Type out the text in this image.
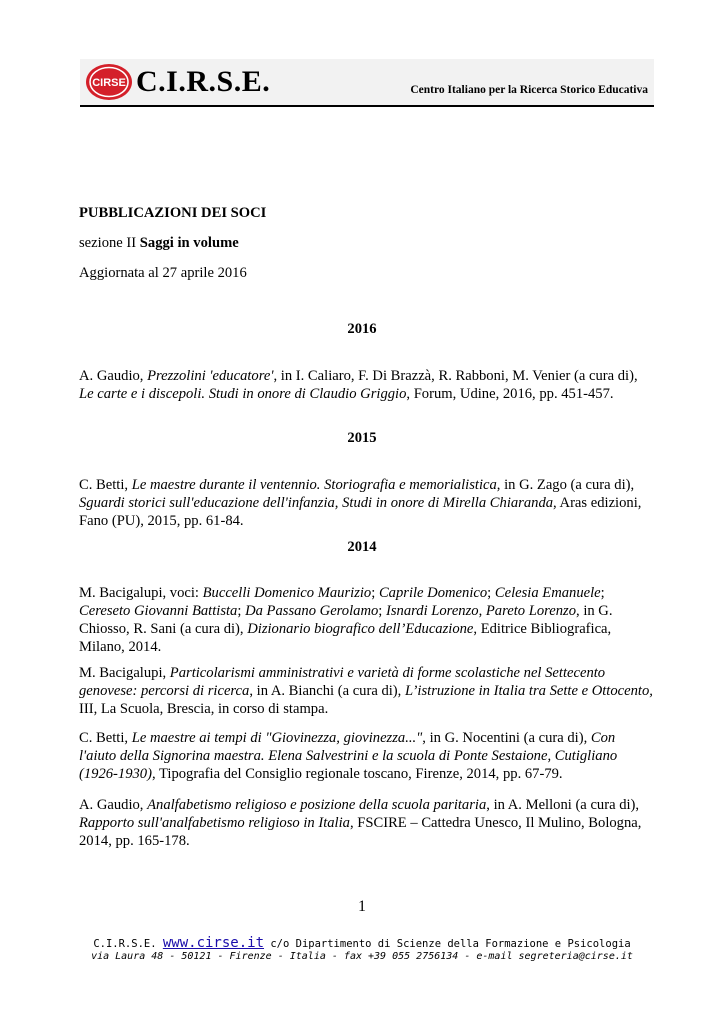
CIRSE C.I.R.S.E.	Centro Italiano per la Ricerca Storico Educativa
PUBBLICAZIONI DEI SOCI
sezione II Saggi in volume
Aggiornata al 27 aprile 2016
2016
A. Gaudio, Prezzolini 'educatore', in I. Caliaro, F. Di Brazzà, R. Rabboni, M. Venier (a cura di),
Le carte e i discepoli. Studi in onore di Claudio Griggio, Forum, Udine, 2016, pp. 451-457.
2015
C. Betti, Le maestre durante il ventennio. Storiografia e memorialistica, in G. Zago (a cura di),
Sguardi storici sull'educazione dell'infanzia, Studi in onore di Mirella Chiaranda, Aras edizioni,
Fano (PU), 2015, pp. 61-84.
2014
M. Bacigalupi, voci: Buccelli Domenico Maurizio; Caprile Domenico; Celesia Emanuele;
Cereseto Giovanni Battista; Da Passano Gerolamo; Isnardi Lorenzo, Pareto Lorenzo, in G.
Chiosso, R. Sani (a cura di), Dizionario biografico dell’Educazione, Editrice Bibliografica,
Milano, 2014.
M. Bacigalupi, Particolarismi amministrativi e varietà di forme scolastiche nel Settecento
genovese: percorsi di ricerca, in A. Bianchi (a cura di), L’istruzione in Italia tra Sette e Ottocento,
III, La Scuola, Brescia, in corso di stampa.
C. Betti, Le maestre ai tempi di "Giovinezza, giovinezza...", in G. Nocentini (a cura di), Con
l'aiuto della Signorina maestra. Elena Salvestrini e la scuola di Ponte Sestaione, Cutigliano
(1926-1930), Tipografia del Consiglio regionale toscano, Firenze, 2014, pp. 67-79.
A. Gaudio, Analfabetismo religioso e posizione della scuola paritaria, in A. Melloni (a cura di),
Rapporto sull'analfabetismo religioso in Italia, FSCIRE – Cattedra Unesco, Il Mulino, Bologna,
2014, pp. 165-178.
1
C.I.R.S.E. www.cirse.it c/o Dipartimento di Scienze della Formazione e Psicologia
via Laura 48 - 50121 - Firenze - Italia - fax +39 055 2756134 - e-mail segreteria@cirse.it
